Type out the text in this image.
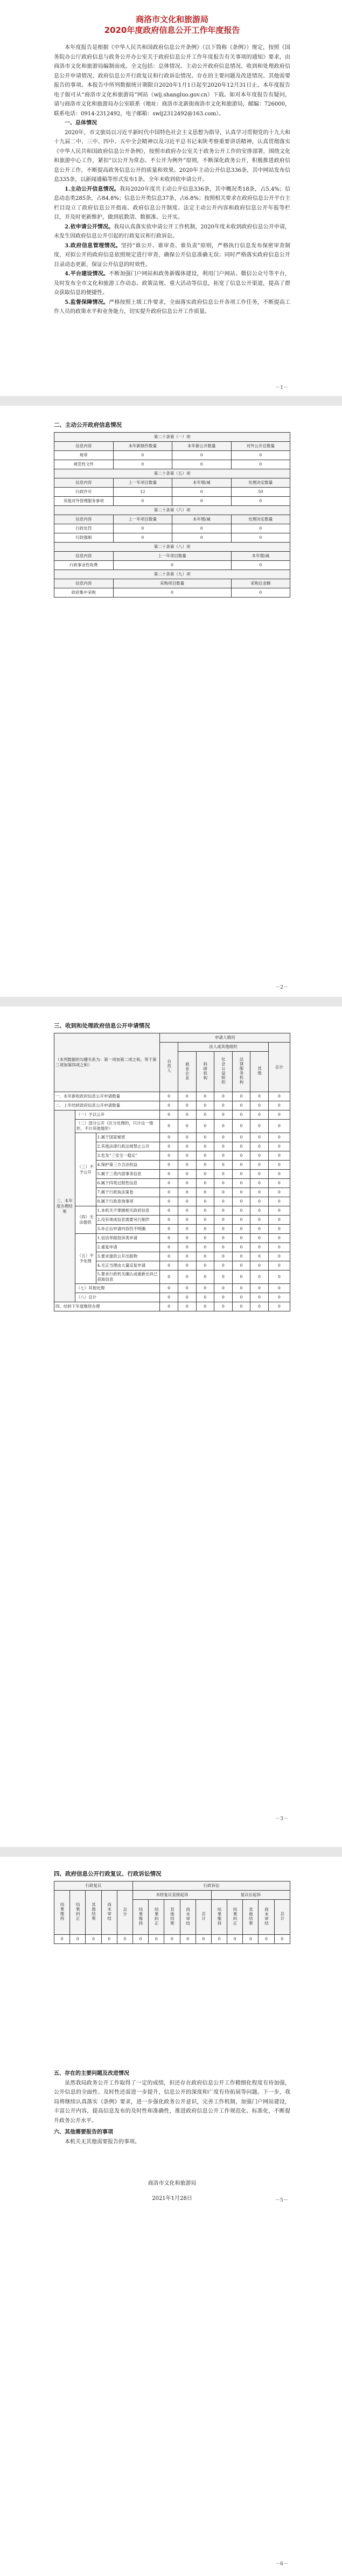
商洛市文化和旅游局

2020年度政府信息公开工作年度报告

本年度报告是根据《中华人民共和国政府信息公开条例》（以下简称《条例》）规定，按照《国务院办公厅政府信息与政务公开办公室关于政府信息公开工作年度报告有关事项的通知》要求，由商洛市文化和旅游局编制而成。全文包括：总体情况、主动公开政府信息情况、收到和处理政府信息公开申请情况、政府信息公开行政复议和行政诉讼情况、存在的主要问题及改进情况、其他需要报告的事项。本报告中所列数据统计期限自2020年1月1日起至2020年12月31日止。本年度报告电子版可从“商洛市文化和旅游局”网站（wlj.shangluo.gov.cn）下载。如对本年度报告有疑问，请与商洛市文化和旅游局办公室联系（地址：商洛市北新街商洛市文化和旅游局，邮编：726000，联系电话：0914-2312492，电子邮箱：swlj2312492@163.com）。

一、总体情况

2020年，市文旅局以习近平新时代中国特色社会主义思想为指导，认真学习贯彻党的十九大和十九届二中、三中、四中、五中全会精神以及习近平总书记来陕考察重要讲话精神，认真贯彻落实《中华人民共和国政府信息公开条例》，按照市政府办公室关于政务公开工作的安排部署，围绕文化和旅游中心工作，紧扣“以公开为常态、不公开为例外”原则，不断深化政务公开，积极推进政府信息公开工作，不断提高政务信息公开的质量和效果。2020年主动公开信息336条，其中网站发布信息335条，以新闻通稿等形式发布1条。全年未收到依申请公开。

1.主动公开信息情况。我局2020年度共主动公开信息336条，其中概况类18条，占5.4%；信息动态类285条，占84.8%；信息公开类信息37条，占6.8%；按照相关要求在政府信息公开平台主栏目设立了政府信息公开指南、政府信息公开制度、法定主动公开内容和政府信息公开年报等栏目，并及时更新维护，做到底数清、数据准、公开实。

2.依申请公开情况。我局认真落实依申请公开工作机制，2020年度未收到政府信息公开申请，未发生因政府信息公开引起的行政复议和行政诉讼。

3.政府信息管理情况。坚持“谁公开、谁审查、谁负责”原则，严格执行信息发布保密审查制度，对拟公开的政府信息依照规定进行审查，确保公开信息准确无误；同时严格落实政府信息公开目录动态更新，保证公开信息的时效性。

4.平台建设情况。不断加强门户网站和政务新媒体建设，利用门户网站、微信公众号等平台，及时发布全市文化和旅游工作动态、政策法规、重大活动等信息，拓宽了信息公开渠道，提高了群众获取信息的便捷性。

5.监督保障情况。严格按照上级工作要求，全面落实政府信息公开各项工作任务，不断提高工作人员的政策水平和业务能力，切实提升政府信息公开工作质量。

－1－

二、主动公开政府信息情况

第二十条第（一）项			
信息内容	本年新制作数量	本年新公开数量	对外公开总数量
规章	0	0	0
规范性文件	0	0	0
第二十条第（五）项			
信息内容	上一年项目数量	本年增/减	处理决定数量
行政许可	12	0	50
其他对外管理服务事项	0	0	0
第二十条第（六）项			
信息内容	上一年项目数量	本年增/减	处理决定数量
行政处罚	0	0	0
行政强制	0	0	0
第二十条第（八）项			
信息内容	上一年项目数量		本年增/减
行政事业性收费	0		0
第二十条第（九）项			
信息内容	采购项目数量		采购总金额
政府集中采购	0		0
－2－

三、收到和处理政府信息公开申请情况

（本列数据的勾稽关系为：第一项加第二项之和，等于第三项加第四项之和）			申请人情况						
			自然人	法人或其他组织					总计
				商业企业	科研机构	社会公益组织	法律服务机构	其他	
一、本年新收政府信息公开申请数量			0	0	0	0	0	0	0
二、上年结转政府信息公开申请数量			0	0	0	0	0	0	0
三、本年度办理结果	（一）予以公开		0	0	0	0	0	0	0
	（二）部分公开（区分处理的，只计这一情形，不计其他情形）		0	0	0	0	0	0	0
	（三）不予公开	1.属于国家秘密	0	0	0	0	0	0	0
		2.其他法律行政法规禁止公开	0	0	0	0	0	0	0
		3.危及“三安全一稳定”	0	0	0	0	0	0	0
		4.保护第三方合法权益	0	0	0	0	0	0	0
		5.属于三类内部事务信息	0	0	0	0	0	0	0
		6.属于四类过程性信息	0	0	0	0	0	0	0
		7.属于行政执法案卷	0	0	0	0	0	0	0
		8.属于行政查询事项	0	0	0	0	0	0	0
	（四）无法提供	1.本机关不掌握相关政府信息	0	0	0	0	0	0	0
		2.没有现成信息需要另行制作	0	0	0	0	0	0	0
		3.补正后申请内容仍不明确	0	0	0	0	0	0	0
	（五）不予处理	1.信访举报投诉类申请	0	0	0	0	0	0	0
		2.重复申请	0	0	0	0	0	0	0
		3.要求提供公开出版物	0	0	0	0	0	0	0
		4.无正当理由大量反复申请	0	0	0	0	0	0	0
		5.要求行政机关确认或重新出具已获取信息	0	0	0	0	0	0	0
	（七）其他处理		0	0	0	0	0	0	0
	（八）总计		0	0	0	0	0	0	0
四、结转下年度继续办理			0	0	0	0	0	0	0
－3－

四、政府信息公开行政复议、行政诉讼情况

行政复议					行政诉讼									
结果维持	结果纠正	其他结果	尚未审结	总计	未经复议直接起诉					复议后起诉				
					结果维持	结果纠正	其他结果	尚未审结	总计	结果维持	结果纠正	其他结果	尚未审结	总计
0	0	0	0	0	0	0	0	0	0	0	0	0	0	0

五、存在的主要问题及改进情况

虽然我局政务公开工作取得了一定的成绩，但还存在政府信息公开工作精细化程度有待加强，公开信息的全面性、及时性还需进一步提升，信息公开的深度和广度有待拓展等问题。下一步，我局将继续认真落实《条例》要求，进一步强化政务公开意识，完善工作机制，加强门户网站建设，丰富公开内容，提高信息发布的及时性和准确性，推进政府信息公开工作规范化、标准化，不断提升政务公开水平。

六、其他需要报告的事项

本机关无其他需要报告的事项。

商洛市文化和旅游局

2021年1月28日	－5－
－6－
